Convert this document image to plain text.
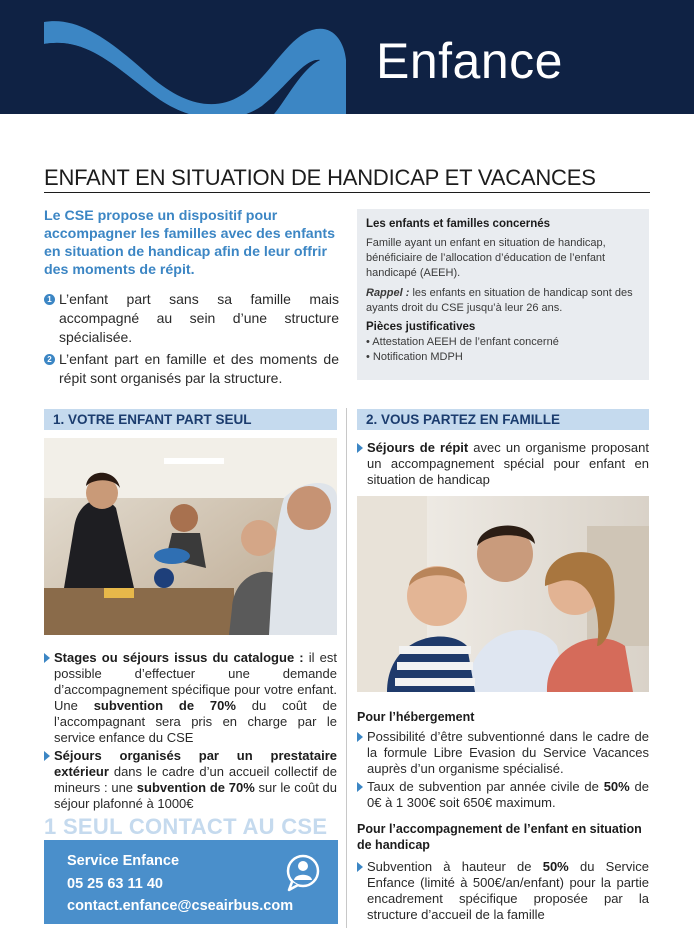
Enfance
ENFANT EN SITUATION DE HANDICAP ET VACANCES
Le CSE propose un dispositif pour accompagner les familles avec des enfants en situation de handicap afin de leur offrir des moments de répit.
1 L’enfant part sans sa famille mais accompagné au sein d’une structure spécialisée.
2 L’enfant part en famille et des moments de répit sont organisés par la structure.
Les enfants et familles concernés
Famille ayant un enfant en situation de handicap, bénéficiaire de l’allocation d’éducation de l’enfant handicapé (AEEH).
Rappel : les enfants en situation de handicap sont des ayants droit du CSE jusqu’à leur 26 ans.
Pièces justificatives
• Attestation AEEH de l’enfant concerné
• Notification MDPH
1. VOTRE ENFANT PART SEUL	2. VOUS PARTEZ EN FAMILLE
Stages ou séjours issus du catalogue : il est possible d’effectuer une demande d’accompagnement spécifique pour votre enfant. Une subvention de 70% du coût de l’accompagnant sera pris en charge par le service enfance du CSE
Séjours organisés par un prestataire extérieur dans le cadre d’un accueil collectif de mineurs : une subvention de 70% sur le coût du séjour plafonné à 1000€
1 SEUL CONTACT AU CSE
Service Enfance
05 25 63 11 40
contact.enfance@cseairbus.com
Séjours de répit avec un organisme proposant un accompagnement spécial pour enfant en situation de handicap
Pour l’hébergement
Possibilité d’être subventionné dans le cadre de la formule Libre Evasion du Service Vacances auprès d’un organisme spécialisé.
Taux de subvention par année civile de 50% de 0€ à 1 300€ soit 650€ maximum.
Pour l’accompagnement de l’enfant en situation de handicap
Subvention à hauteur de 50% du Service Enfance (limité à 500€/an/enfant) pour la partie encadrement spécifique proposée par la structure d’accueil de la famille
